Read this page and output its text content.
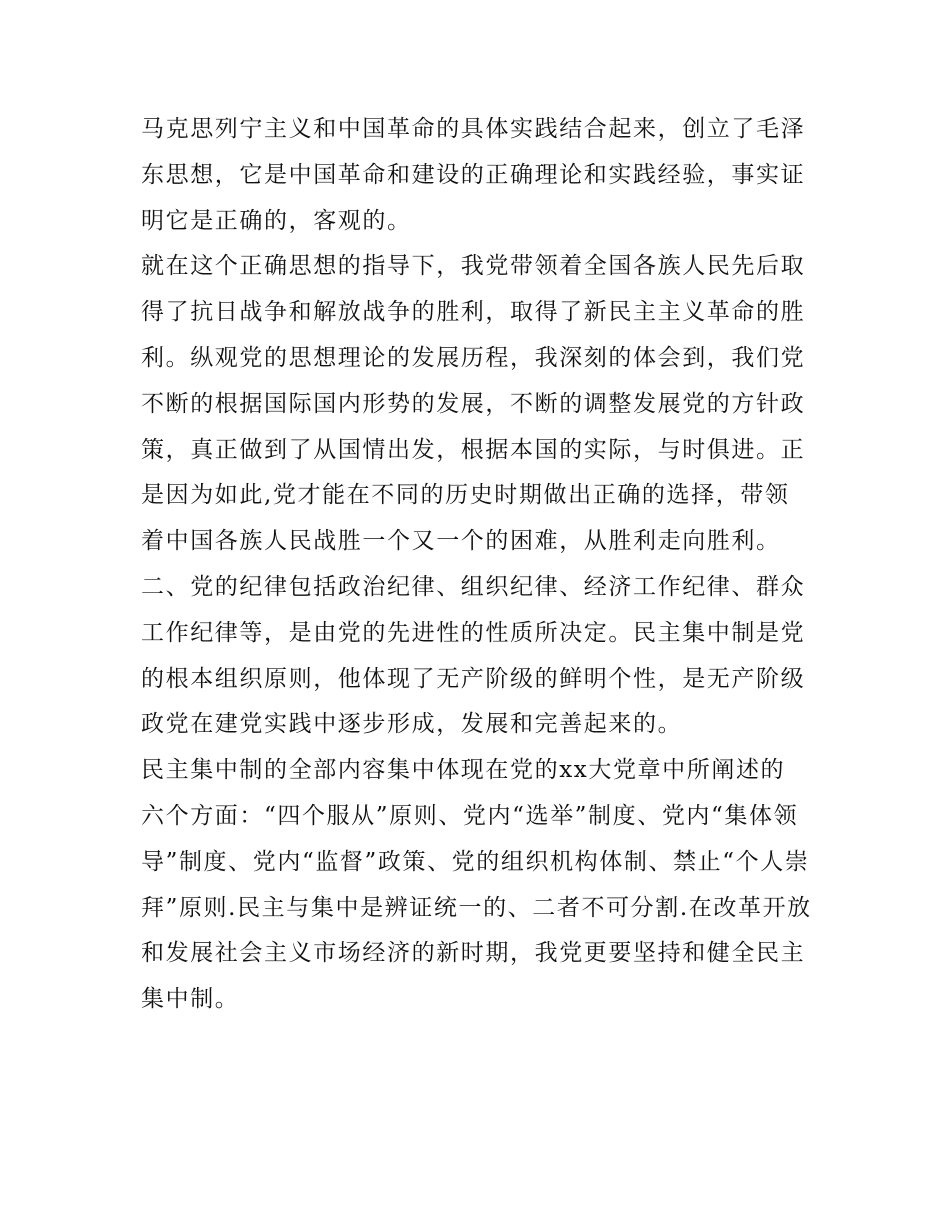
马克思列宁主义和中国革命的具体实践结合起来，创立了毛泽
东思想，它是中国革命和建设的正确理论和实践经验，事实证
明它是正确的，客观的。
就在这个正确思想的指导下，我党带领着全国各族人民先后取
得了抗日战争和解放战争的胜利，取得了新民主主义革命的胜
利。纵观党的思想理论的发展历程，我深刻的体会到，我们党
不断的根据国际国内形势的发展，不断的调整发展党的方针政
策，真正做到了从国情出发，根据本国的实际，与时俱进。正
是因为如此,党才能在不同的历史时期做出正确的选择，带领
着中国各族人民战胜一个又一个的困难，从胜利走向胜利。
二、党的纪律包括政治纪律、组织纪律、经济工作纪律、群众
工作纪律等，是由党的先进性的性质所决定。民主集中制是党
的根本组织原则，他体现了无产阶级的鲜明个性，是无产阶级
政党在建党实践中逐步形成，发展和完善起来的。
民主集中制的全部内容集中体现在党的xx大党章中所阐述的
六个方面：“四个服从”原则、党内“选举”制度、党内“集体领
导”制度、党内“监督”政策、党的组织机构体制、禁止“个人崇
拜”原则.民主与集中是辨证统一的、二者不可分割.在改革开放
和发展社会主义市场经济的新时期，我党更要坚持和健全民主
集中制。
